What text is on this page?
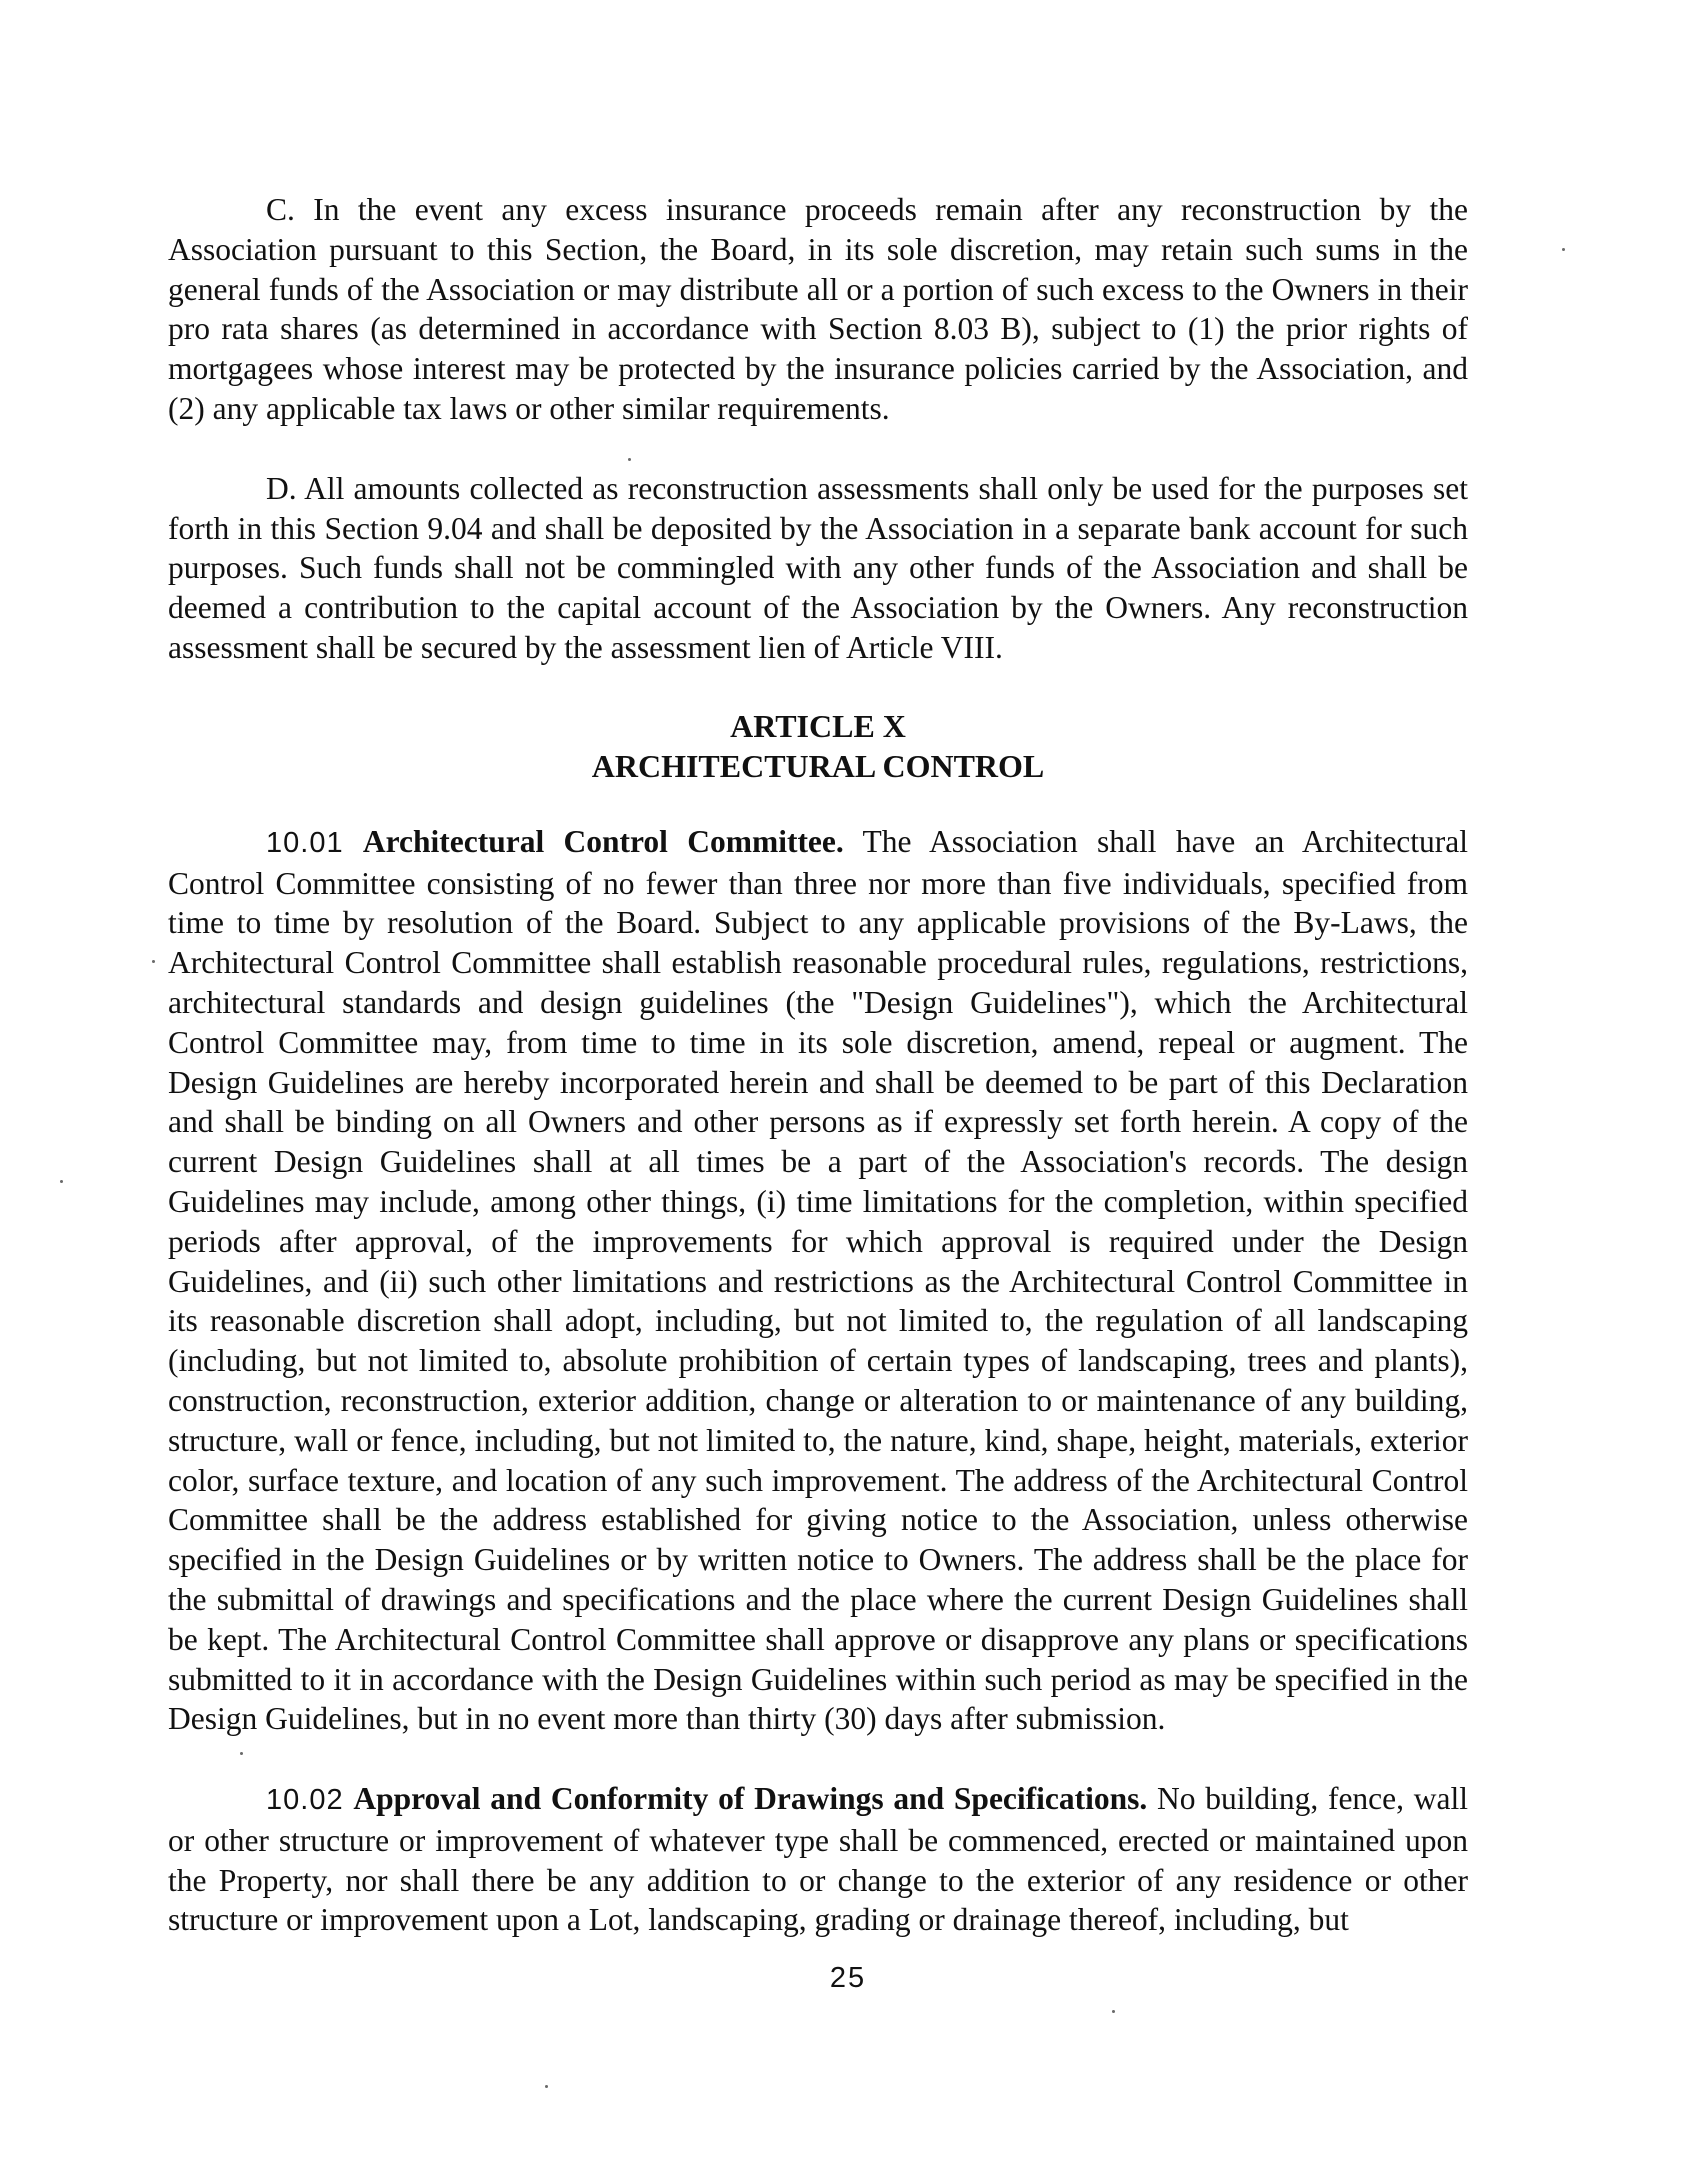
C. In the event any excess insurance proceeds remain after any reconstruction by the Association pursuant to this Section, the Board, in its sole discretion, may retain such sums in the general funds of the Association or may distribute all or a portion of such excess to the Owners in their pro rata shares (as determined in accordance with Section 8.03 B), subject to (1) the prior rights of mortgagees whose interest may be protected by the insurance policies carried by the Association, and (2) any applicable tax laws or other similar requirements.

D. All amounts collected as reconstruction assessments shall only be used for the purposes set forth in this Section 9.04 and shall be deposited by the Association in a separate bank account for such purposes. Such funds shall not be commingled with any other funds of the Association and shall be deemed a contribution to the capital account of the Association by the Owners. Any reconstruction assessment shall be secured by the assessment lien of Article VIII.

ARTICLE X
ARCHITECTURAL CONTROL

10.01 Architectural Control Committee. The Association shall have an Architectural Control Committee consisting of no fewer than three nor more than five individuals, specified from time to time by resolution of the Board. Subject to any applicable provisions of the By-Laws, the Architectural Control Committee shall establish reasonable procedural rules, regulations, restrictions, architectural standards and design guidelines (the "Design Guidelines"), which the Architectural Control Committee may, from time to time in its sole discretion, amend, repeal or augment. The Design Guidelines are hereby incorporated herein and shall be deemed to be part of this Declaration and shall be binding on all Owners and other persons as if expressly set forth herein. A copy of the current Design Guidelines shall at all times be a part of the Association's records. The design Guidelines may include, among other things, (i) time limitations for the completion, within specified periods after approval, of the improvements for which approval is required under the Design Guidelines, and (ii) such other limitations and restrictions as the Architectural Control Committee in its reasonable discretion shall adopt, including, but not limited to, the regulation of all landscaping (including, but not limited to, absolute prohibition of certain types of landscaping, trees and plants), construction, reconstruction, exterior addition, change or alteration to or maintenance of any building, structure, wall or fence, including, but not limited to, the nature, kind, shape, height, materials, exterior color, surface texture, and location of any such improvement. The address of the Architectural Control Committee shall be the address established for giving notice to the Association, unless otherwise specified in the Design Guidelines or by written notice to Owners. The address shall be the place for the submittal of drawings and specifications and the place where the current Design Guidelines shall be kept. The Architectural Control Committee shall approve or disapprove any plans or specifications submitted to it in accordance with the Design Guidelines within such period as may be specified in the Design Guidelines, but in no event more than thirty (30) days after submission.

10.02 Approval and Conformity of Drawings and Specifications. No building, fence, wall or other structure or improvement of whatever type shall be commenced, erected or maintained upon the Property, nor shall there be any addition to or change to the exterior of any residence or other structure or improvement upon a Lot, landscaping, grading or drainage thereof, including, but

25
